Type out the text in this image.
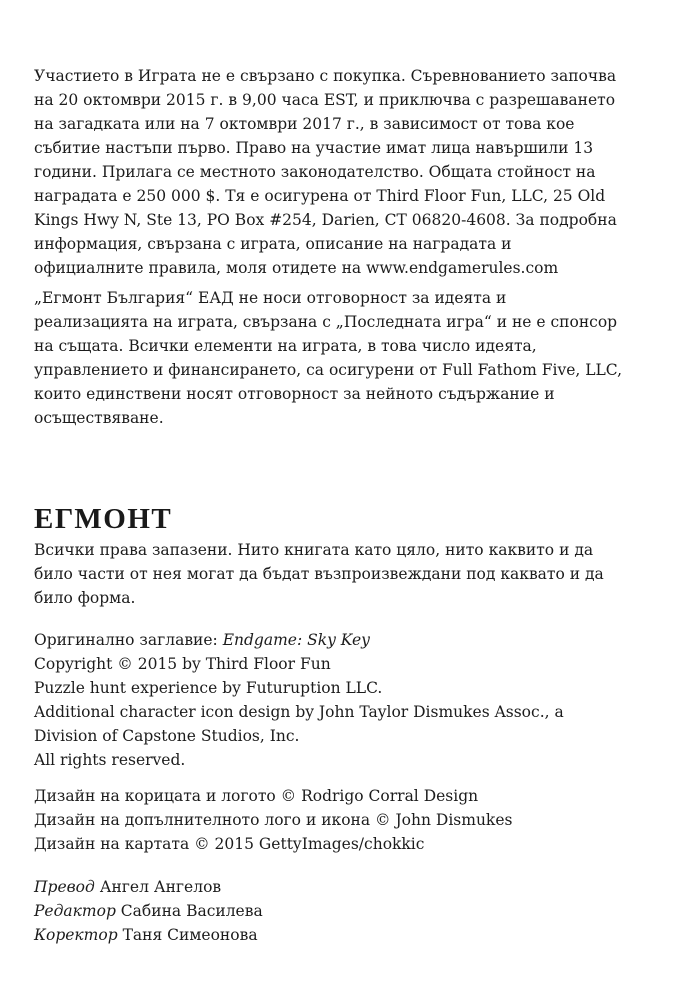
Участието в Играта не е свързано с покупка. Съревнованието започва
на 20 октомври 2015 г. в 9,00 часа EST, и приключва с разрешаването
на загадката или на 7 октомври 2017 г., в зависимост от това кое
събитие настъпи първо. Право на участие имат лица навършили 13
години. Прилага се местното законодателство. Общата стойност на
наградата е 250 000 $. Тя е осигурена от Third Floor Fun, LLC, 25 Old
Kings Hwy N, Ste 13, PO Box #254, Darien, CT 06820-4608. За подробна
информация, свързана с играта, описание на наградата и
официалните правила, моля отидете на www.endgamerules.com
„Егмонт България“ ЕАД не носи отговорност за идеята и
реализацията на играта, свързана с „Последната игра“ и не е спонсор
на същата. Всички елементи на играта, в това число идеята,
управлението и финансирането, са осигурени от Full Fathom Five, LLC,
които единствени носят отговорност за нейното съдържание и
осъществяване.
ЕГМОНТ
Всички права запазени. Нито книгата като цяло, нито каквито и да
било части от нея могат да бъдат възпроизвеждани под каквато и да
било форма.
Оригинално заглавие: Endgame: Sky Key
Copyright © 2015 by Third Floor Fun
Puzzle hunt experience by Futuruption LLC.
Additional character icon design by John Taylor Dismukes Assoc., a
Division of Capstone Studios, Inc.
All rights reserved.
Дизайн на корицата и логото © Rodrigo Corral Design
Дизайн на допълнителното лого и икона © John Dismukes
Дизайн на картата © 2015 GettyImages/chokkic
Превод Ангел Ангелов
Редактор Сабина Василева
Коректор Таня Симеонова
